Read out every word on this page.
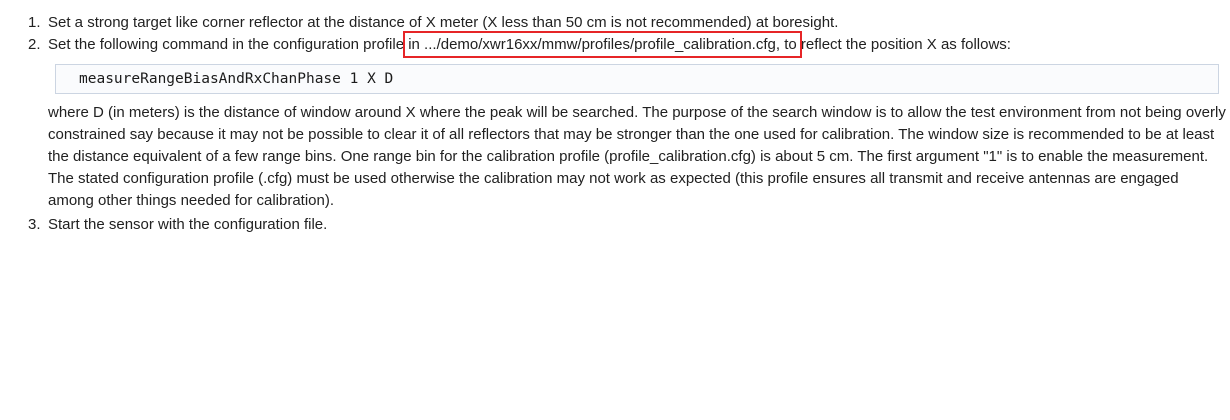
1. Set a strong target like corner reflector at the distance of X meter (X less than 50 cm is not recommended) at boresight.
2. Set the following command in the configuration profile in .../demo/xwr16xx/mmw/profiles/profile_calibration.cfg, to reflect the position X as follows:
measureRangeBiasAndRxChanPhase 1 X D
where D (in meters) is the distance of window around X where the peak will be searched. The purpose of the search window is to allow the test environment from not being overly constrained say because it may not be possible to clear it of all reflectors that may be stronger than the one used for calibration. The window size is recommended to be at least the distance equivalent of a few range bins. One range bin for the calibration profile (profile_calibration.cfg) is about 5 cm. The first argument "1" is to enable the measurement. The stated configuration profile (.cfg) must be used otherwise the calibration may not work as expected (this profile ensures all transmit and receive antennas are engaged among other things needed for calibration).
3. Start the sensor with the configuration file.
